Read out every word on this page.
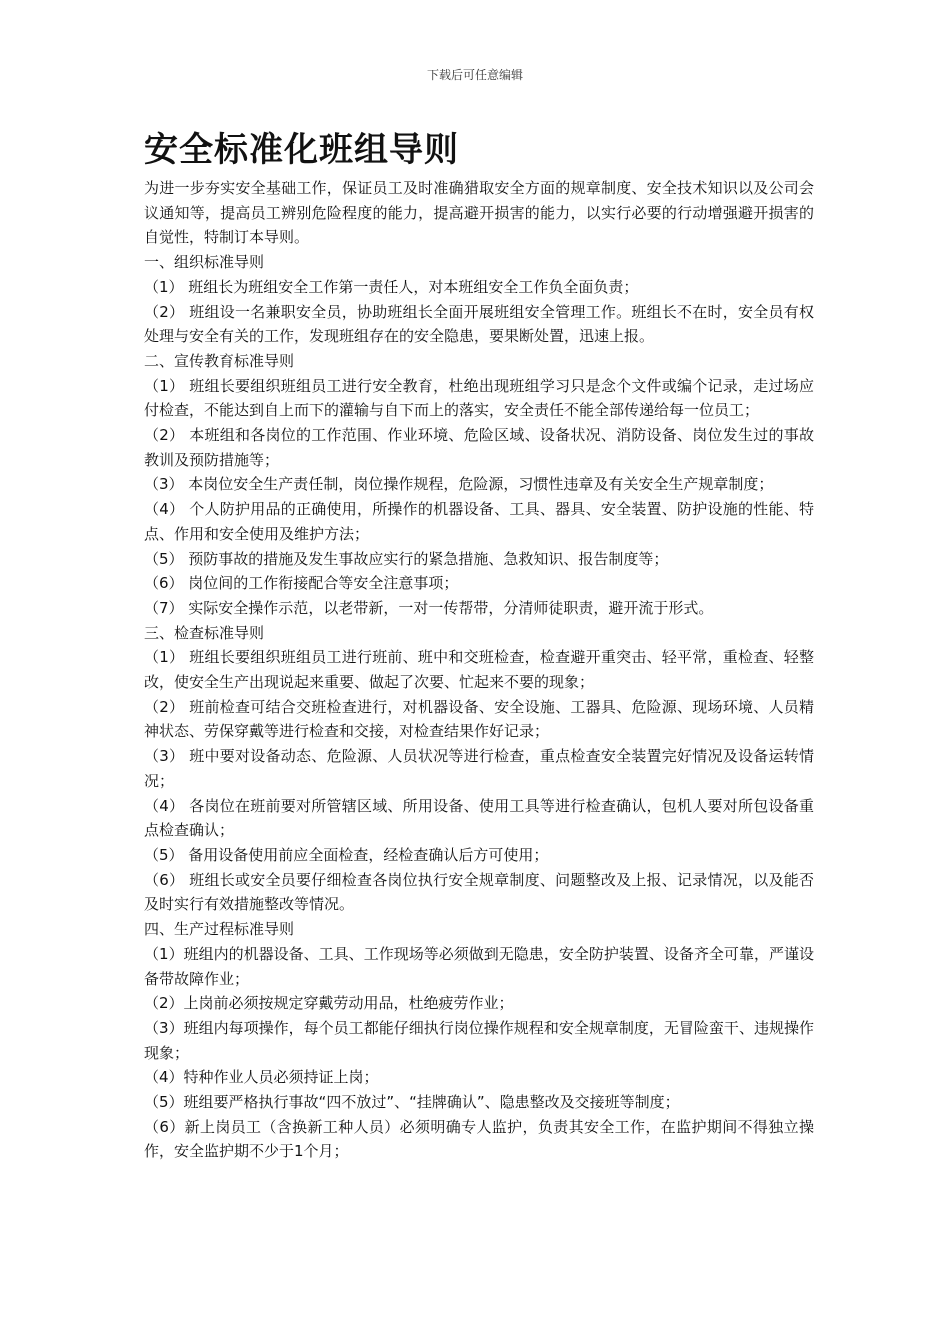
下载后可任意编辑
安全标准化班组导则

为进一步夯实安全基础工作，保证员工及时准确猎取安全方面的规章制度、安全技术知识以及公司会议通知等，提高员工辨别危险程度的能力，提高避开损害的能力，以实行必要的行动增强避开损害的自觉性，特制订本导则。

一、组织标准导则

（1） 班组长为班组安全工作第一责任人，对本班组安全工作负全面负责；

（2） 班组设一名兼职安全员，协助班组长全面开展班组安全管理工作。班组长不在时，安全员有权处理与安全有关的工作，发现班组存在的安全隐患，要果断处置，迅速上报。

二、宣传教育标准导则

（1） 班组长要组织班组员工进行安全教育，杜绝出现班组学习只是念个文件或编个记录，走过场应付检查，不能达到自上而下的灌输与自下而上的落实，安全责任不能全部传递给每一位员工；

（2） 本班组和各岗位的工作范围、作业环境、危险区域、设备状况、消防设备、岗位发生过的事故教训及预防措施等；

（3） 本岗位安全生产责任制，岗位操作规程，危险源，习惯性违章及有关安全生产规章制度；

（4） 个人防护用品的正确使用，所操作的机器设备、工具、器具、安全装置、防护设施的性能、特点、作用和安全使用及维护方法；

（5） 预防事故的措施及发生事故应实行的紧急措施、急救知识、报告制度等；

（6） 岗位间的工作衔接配合等安全注意事项；

（7） 实际安全操作示范，以老带新，一对一传帮带，分清师徒职责，避开流于形式。

三、检查标准导则

（1） 班组长要组织班组员工进行班前、班中和交班检查，检查避开重突击、轻平常，重检查、轻整改，使安全生产出现说起来重要、做起了次要、忙起来不要的现象；

（2） 班前检查可结合交班检查进行，对机器设备、安全设施、工器具、危险源、现场环境、人员精神状态、劳保穿戴等进行检查和交接，对检查结果作好记录；

（3） 班中要对设备动态、危险源、人员状况等进行检查，重点检查安全装置完好情况及设备运转情况；

（4） 各岗位在班前要对所管辖区域、所用设备、使用工具等进行检查确认，包机人要对所包设备重点检查确认；

（5） 备用设备使用前应全面检查，经检查确认后方可使用；

（6） 班组长或安全员要仔细检查各岗位执行安全规章制度、问题整改及上报、记录情况，以及能否及时实行有效措施整改等情况。

四、生产过程标准导则

（1）班组内的机器设备、工具、工作现场等必须做到无隐患，安全防护装置、设备齐全可靠，严谨设备带故障作业；

（2）上岗前必须按规定穿戴劳动用品，杜绝疲劳作业；

（3）班组内每项操作，每个员工都能仔细执行岗位操作规程和安全规章制度，无冒险蛮干、违规操作现象；

（4）特种作业人员必须持证上岗；

（5）班组要严格执行事故“四不放过”、“挂牌确认”、隐患整改及交接班等制度；

（6）新上岗员工（含换新工种人员）必须明确专人监护，负责其安全工作，在监护期间不得独立操作，安全监护期不少于1个月；
